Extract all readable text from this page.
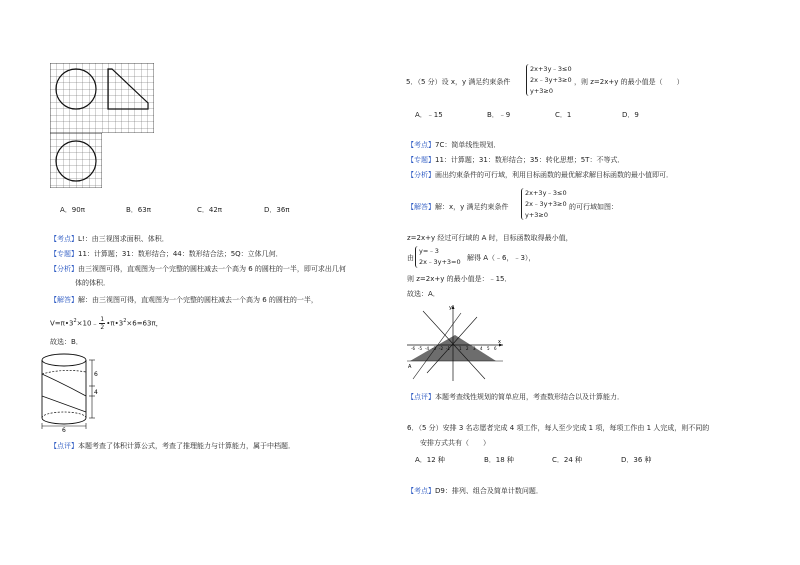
A．90π	B．63π	C．42π	D．36π
【考点】L!：由三视图求面积、体积．
【专题】11：计算题；31：数形结合；44：数形结合法；5Q：立体几何．
【分析】由三视图可得，直观图为一个完整的圆柱减去一个高为 6 的圆柱的一半，即可求出几何
体的体积．
【解答】解：由三视图可得，直观图为一个完整的圆柱减去一个高为 6 的圆柱的一半，
$V=\pi•3^2\times 10﹣ \frac{1}{2}$ $•\pi•3^2\times 6=63\pi$，
故选：B．
6
4
6
【点评】本题考查了体积计算公式，考查了推理能力与计算能力，属于中档题．
5．（5 分）设 x，y 满足约束条件
2x+3y﹣3≤0
2x﹣3y+3≥0
y+3≥0
，则 z=2x+y 的最小值是（　　）
A．﹣15	B．﹣9	C．1	D．9
【考点】7C：简单线性规划．
【专题】11：计算题；31：数形结合；35：转化思想；5T：不等式．
【分析】画出约束条件的可行域，利用目标函数的最优解求解目标函数的最小值即可．
【解答】解：x，y 满足约束条件
2x+3y﹣3≤0
2x﹣3y+3≥0
y+3≥0
的可行域如图：
z=2x+y 经过可行域的 A 时，目标函数取得最小值，
由
y=﹣3
2x﹣3y+3=0 解得 A（﹣6，﹣3），
则 z=2x+y 的最小值是：﹣15．
故选：A．
y
x
-6 -5 -4 -3 -2 -1 1 2 3 4 5 6
A
【点评】本题考查线性规划的简单应用，考查数形结合以及计算能力．
6．（5 分）安排 3 名志愿者完成 4 项工作，每人至少完成 1 项，每项工作由 1 人完成，则不同的
安排方式共有（　　）
A．12 种	B．18 种	C．24 种	D．36 种
【考点】D9：排列、组合及简单计数问题．
